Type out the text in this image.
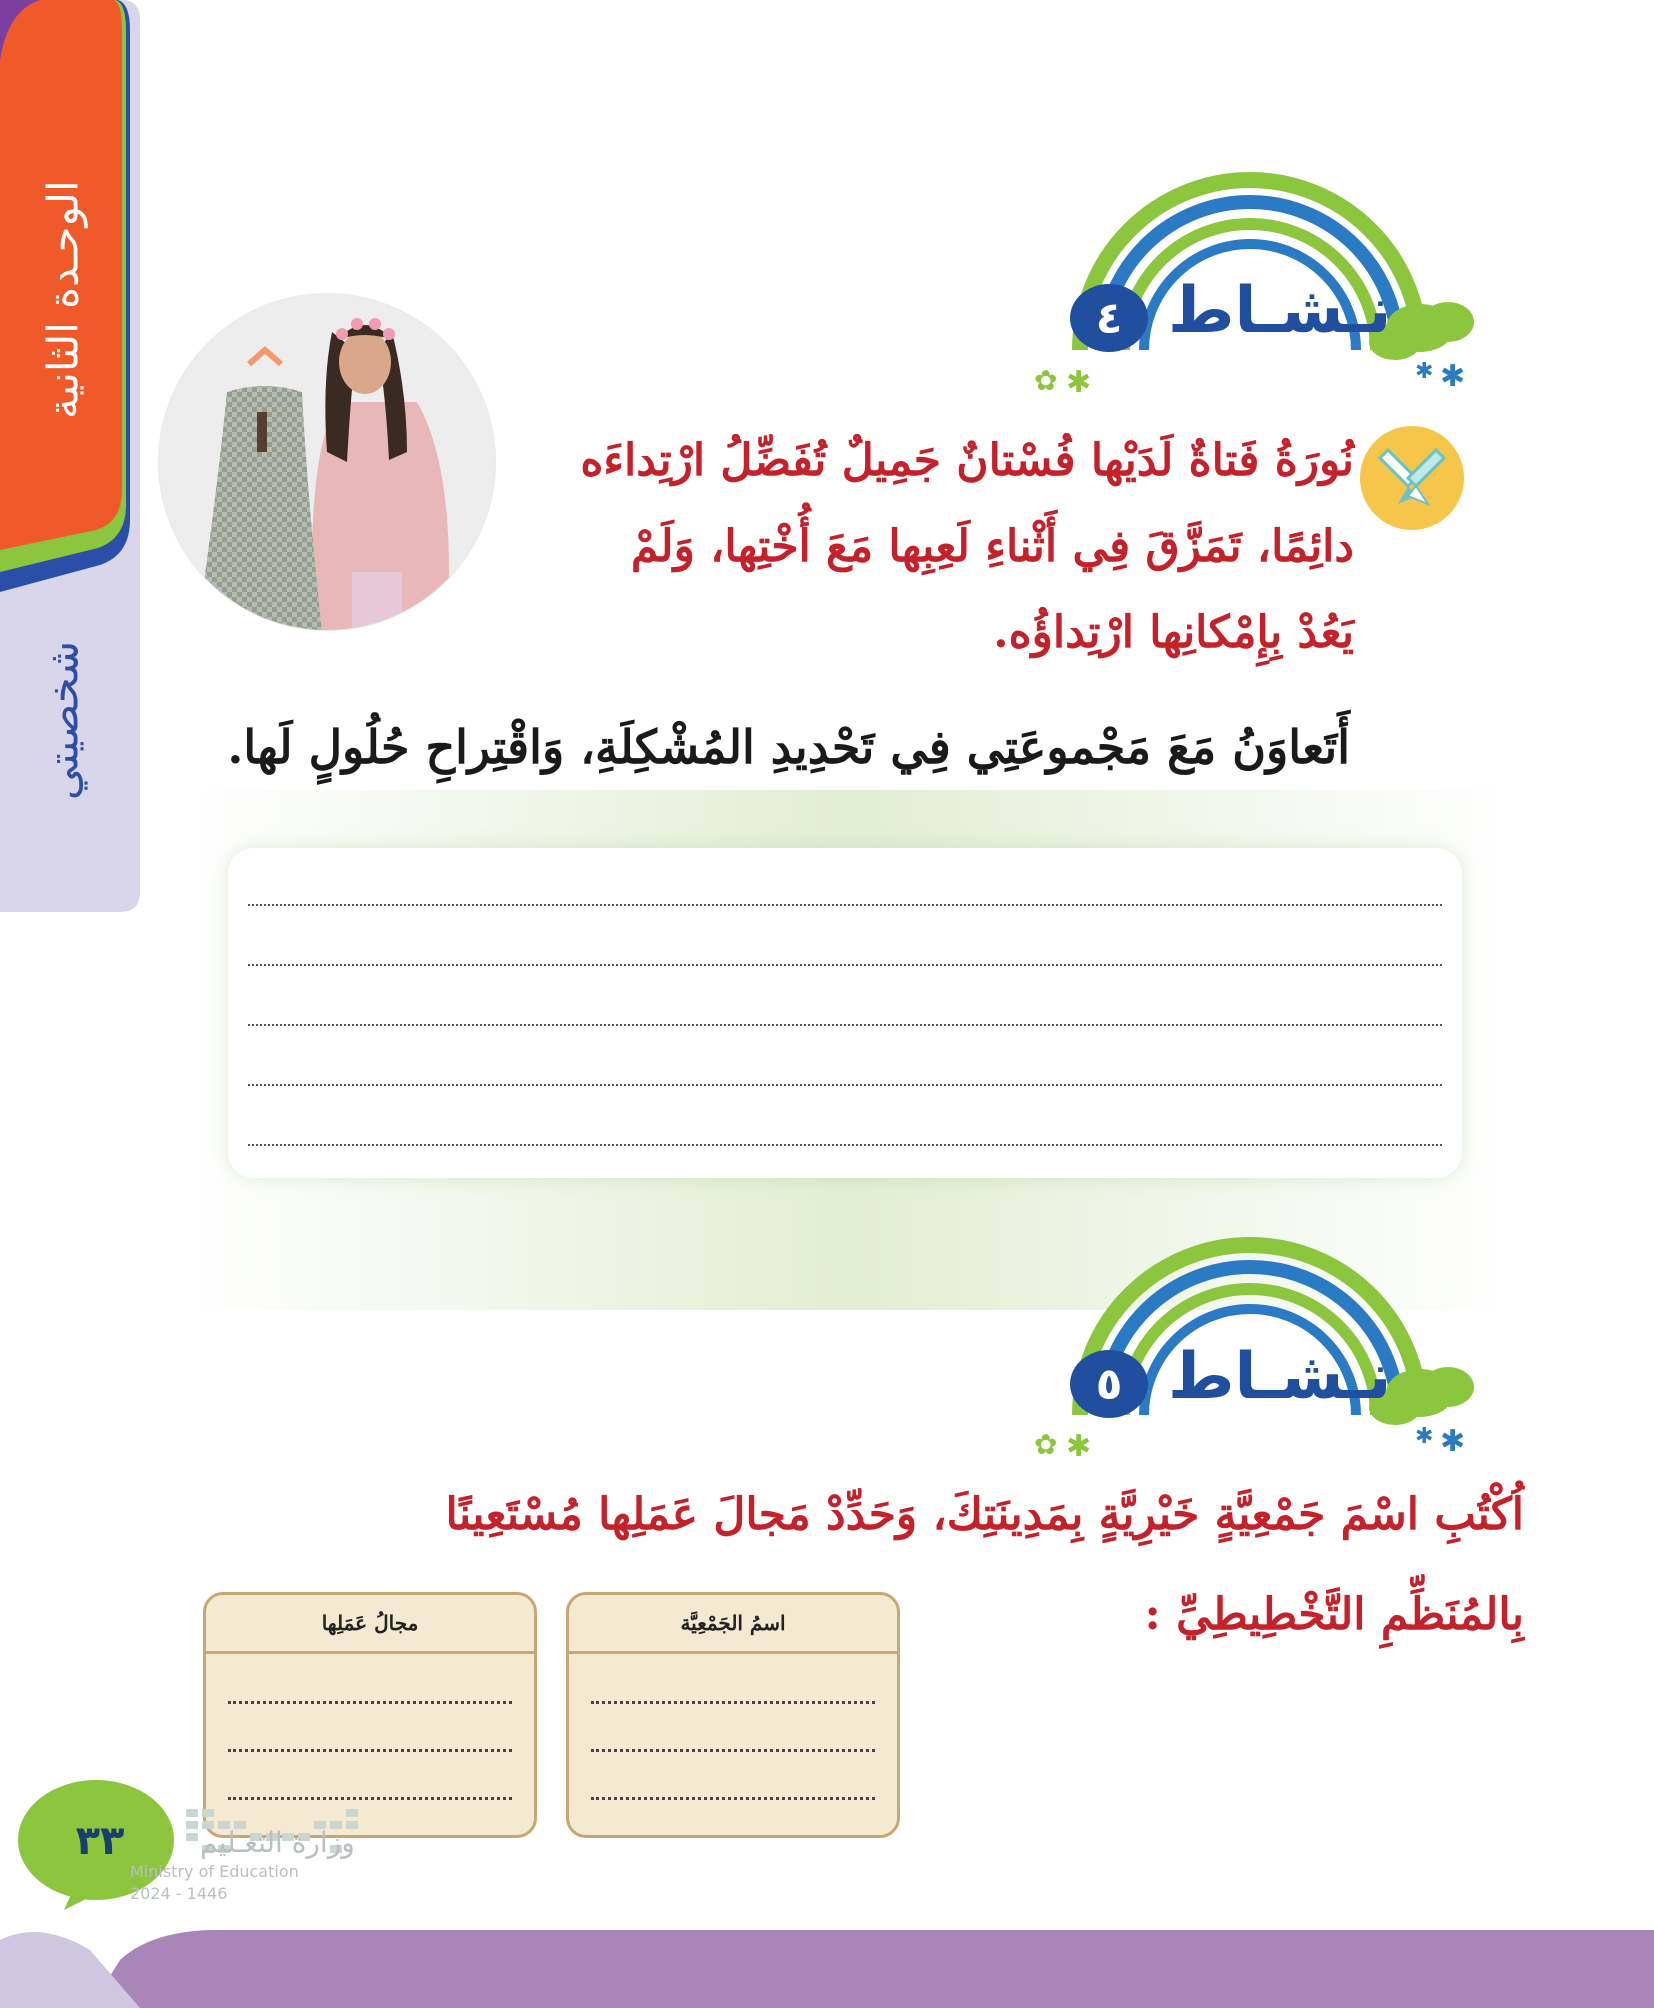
الوحـدة الثانية
شخصيتي
✱ ✱
نـشـاط
٤
✿ ✱
نُورَةُ فَتاةٌ لَدَيْها فُسْتانٌ جَمِيلٌ تُفَضِّلُ ارْتِداءَه
دائِمًا، تَمَزَّقَ فِي أَثْناءِ لَعِبِها مَعَ أُخْتِها، وَلَمْ
يَعُدْ بِإِمْكانِها ارْتِداؤُه.
أَتَعاوَنُ مَعَ مَجْموعَتِي فِي تَحْدِيدِ المُشْكِلَةِ، وَاقْتِراحِ حُلُولٍ لَها.
✱ ✱
نـشـاط
٥
✿ ✱
اُكْتُبِ اسْمَ جَمْعِيَّةٍ خَيْرِيَّةٍ بِمَدِينَتِكَ، وَحَدِّدْ مَجالَ عَمَلِها مُسْتَعِينًا
بِالمُنَظِّمِ التَّخْطِيطِيِّ :
اسمُ الجَمْعِيَّة
مجالُ عَمَلِها
٣٣	وزارة التعـليم
Ministry of Education
2024 - 1446
